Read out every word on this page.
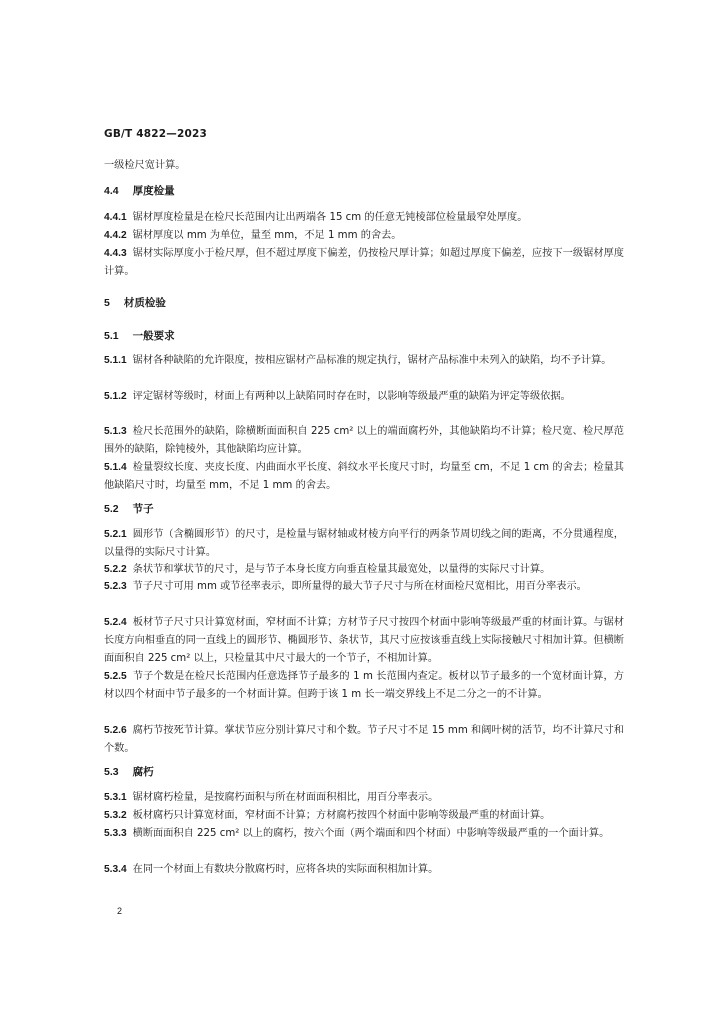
GB/T 4822—2023
一级检尺宽计算。
4.4 厚度检量
4.4.1 锯材厚度检量是在检尺长范围内让出两端各 15 cm 的任意无钝棱部位检量最窄处厚度。
4.4.2 锯材厚度以 mm 为单位，量至 mm，不足 1 mm 的舍去。
4.4.3 锯材实际厚度小于检尺厚，但不超过厚度下偏差，仍按检尺厚计算；如超过厚度下偏差，应按下一级锯材厚度计算。
5 材质检验
5.1 一般要求
5.1.1 锯材各种缺陷的允许限度，按相应锯材产品标准的规定执行，锯材产品标准中未列入的缺陷，均不予计算。
5.1.2 评定锯材等级时，材面上有两种以上缺陷同时存在时，以影响等级最严重的缺陷为评定等级依据。
5.1.3 检尺长范围外的缺陷，除横断面面积自 225 cm² 以上的端面腐朽外，其他缺陷均不计算；检尺宽、检尺厚范围外的缺陷，除钝棱外，其他缺陷均应计算。
5.1.4 检量裂纹长度、夹皮长度、内曲面水平长度、斜纹水平长度尺寸时，均量至 cm，不足 1 cm 的舍去；检量其他缺陷尺寸时，均量至 mm，不足 1 mm 的舍去。
5.2 节子
5.2.1 圆形节（含椭圆形节）的尺寸，是检量与锯材轴或材棱方向平行的两条节周切线之间的距离，不分贯通程度，以量得的实际尺寸计算。
5.2.2 条状节和掌状节的尺寸，是与节子本身长度方向垂直检量其最宽处，以量得的实际尺寸计算。
5.2.3 节子尺寸可用 mm 或节径率表示，即所量得的最大节子尺寸与所在材面检尺宽相比，用百分率表示。
5.2.4 板材节子尺寸只计算宽材面，窄材面不计算；方材节子尺寸按四个材面中影响等级最严重的材面计算。与锯材长度方向相垂直的同一直线上的圆形节、椭圆形节、条状节，其尺寸应按该垂直线上实际接触尺寸相加计算。但横断面面积自 225 cm² 以上，只检量其中尺寸最大的一个节子，不相加计算。
5.2.5 节子个数是在检尺长范围内任意选择节子最多的 1 m 长范围内查定。板材以节子最多的一个宽材面计算，方材以四个材面中节子最多的一个材面计算。但跨于该 1 m 长一端交界线上不足二分之一的不计算。
5.2.6 腐朽节按死节计算。掌状节应分别计算尺寸和个数。节子尺寸不足 15 mm 和阔叶树的活节，均不计算尺寸和个数。
5.3 腐朽
5.3.1 锯材腐朽检量，是按腐朽面积与所在材面面积相比，用百分率表示。
5.3.2 板材腐朽只计算宽材面，窄材面不计算；方材腐朽按四个材面中影响等级最严重的材面计算。
5.3.3 横断面面积自 225 cm² 以上的腐朽，按六个面（两个端面和四个材面）中影响等级最严重的一个面计算。
5.3.4 在同一个材面上有数块分散腐朽时，应将各块的实际面积相加计算。
2
